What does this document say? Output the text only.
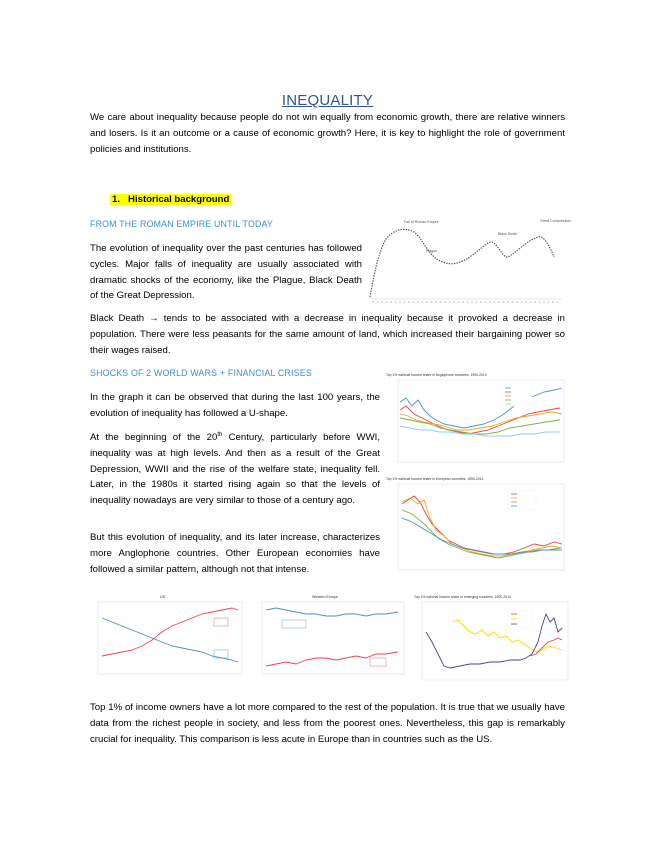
INEQUALITY
We care about inequality because people do not win equally from economic growth, there are relative winners and losers. Is it an outcome or a cause of economic growth? Here, it is key to highlight the role of government policies and institutions.
1. Historical background
FROM THE ROMAN EMPIRE UNTIL TODAY
The evolution of inequality over the past centuries has followed cycles. Major falls of inequality are usually associated with dramatic shocks of the economy, like the Plague, Black Death of the Great Depression.
Fall of Roman Empire
Plague
Black Death
Great Compression
Black Death → tends to be associated with a decrease in inequality because it provoked a decrease in population. There were less peasants for the same amount of land, which increased their bargaining power so their wages raised.
SHOCKS OF 2 WORLD WARS + FINANCIAL CRISES
In the graph it can be observed that during the last 100 years, the evolution of inequality has followed a U-shape.
At the beginning of the 20th Century, particularly before WWI, inequality was at high levels. And then as a result of the Great Depression, WWII and the rise of the welfare state, inequality fell. Later, in the 1980s it started rising again so that the levels of inequality nowadays are very similar to those of a century ago.
But this evolution of inequality, and its later increase, characterizes more Anglophone countries. Other European economies have followed a similar pattern, although not that intense.
Top 1% national income share in Anglophone countries, 1900-2013
Top 1% national income share in European countries, 1890-2014
US	Western Europe	Top 1% national income share in emerging countries, 1900-2014
Top 1% of income owners have a lot more compared to the rest of the population. It is true that we usually have data from the richest people in society, and less from the poorest ones. Nevertheless, this gap is remarkably crucial for inequality. This comparison is less acute in Europe than in countries such as the US.
